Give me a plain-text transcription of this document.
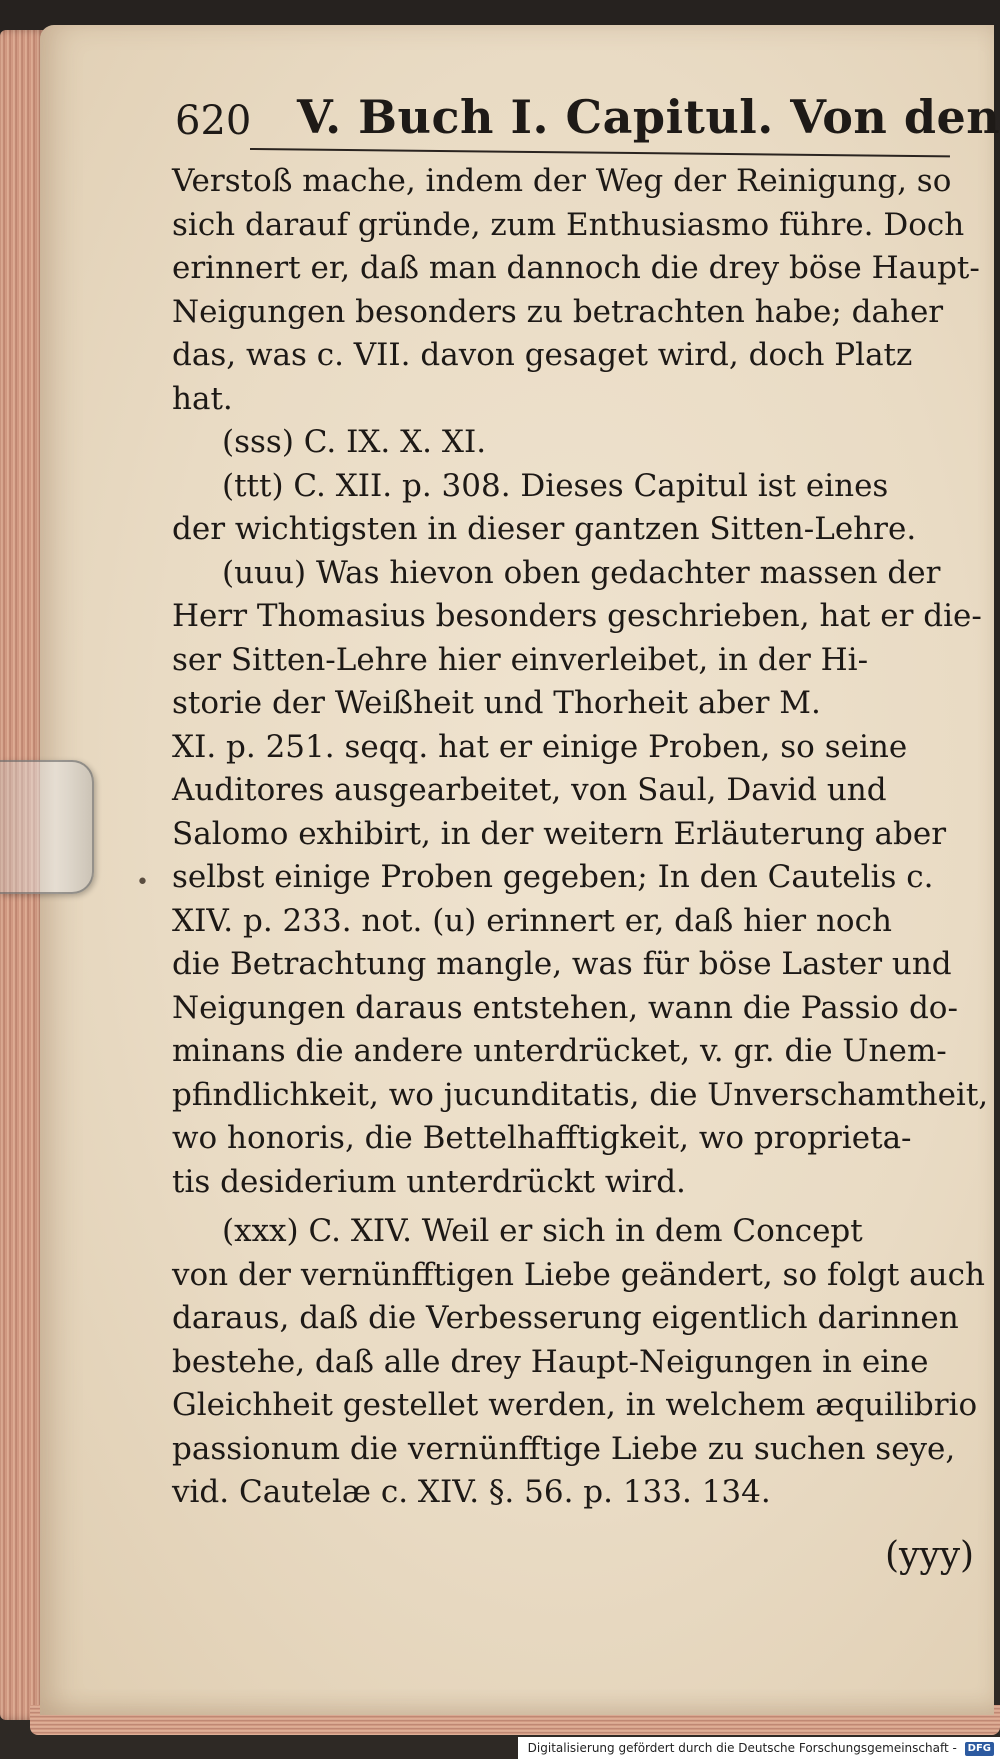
620 V. Buch I. Capitul. Von den
Verstoß mache, indem der Weg der Reinigung, so
sich darauf gründe, zum Enthusiasmo führe. Doch
erinnert er, daß man dannoch die drey böse Haupt-
Neigungen besonders zu betrachten habe; daher
das, was c. VII. davon gesaget wird, doch Platz
hat.
(sss) C. IX. X. XI.
(ttt) C. XII. p. 308. Dieses Capitul ist eines
der wichtigsten in dieser gantzen Sitten-Lehre.
(uuu) Was hievon oben gedachter massen der
Herr Thomasius besonders geschrieben, hat er die-
ser Sitten-Lehre hier einverleibet, in der Hi-
storie der Weißheit und Thorheit aber M.
XI. p. 251. seqq. hat er einige Proben, so seine
Auditores ausgearbeitet, von Saul, David und
Salomo exhibirt, in der weitern Erläuterung aber
selbst einige Proben gegeben; In den Cautelis c.
XIV. p. 233. not. (u) erinnert er, daß hier noch
die Betrachtung mangle, was für böse Laster und
Neigungen daraus entstehen, wann die Passio do-
minans die andere unterdrücket, v. gr. die Unem-
pfindlichkeit, wo jucunditatis, die Unverschamtheit,
wo honoris, die Bettelhafftigkeit, wo proprieta-
tis desiderium unterdrückt wird.
(xxx) C. XIV. Weil er sich in dem Concept
von der vernünfftigen Liebe geändert, so folgt auch
daraus, daß die Verbesserung eigentlich darinnen
bestehe, daß alle drey Haupt-Neigungen in eine
Gleichheit gestellet werden, in welchem æquilibrio
passionum die vernünfftige Liebe zu suchen seye,
vid. Cautelæ c. XIV. §. 56. p. 133. 134.
•
(yyy)
Digitalisierung gefördert durch die Deutsche Forschungsgemeinschaft - DFG
